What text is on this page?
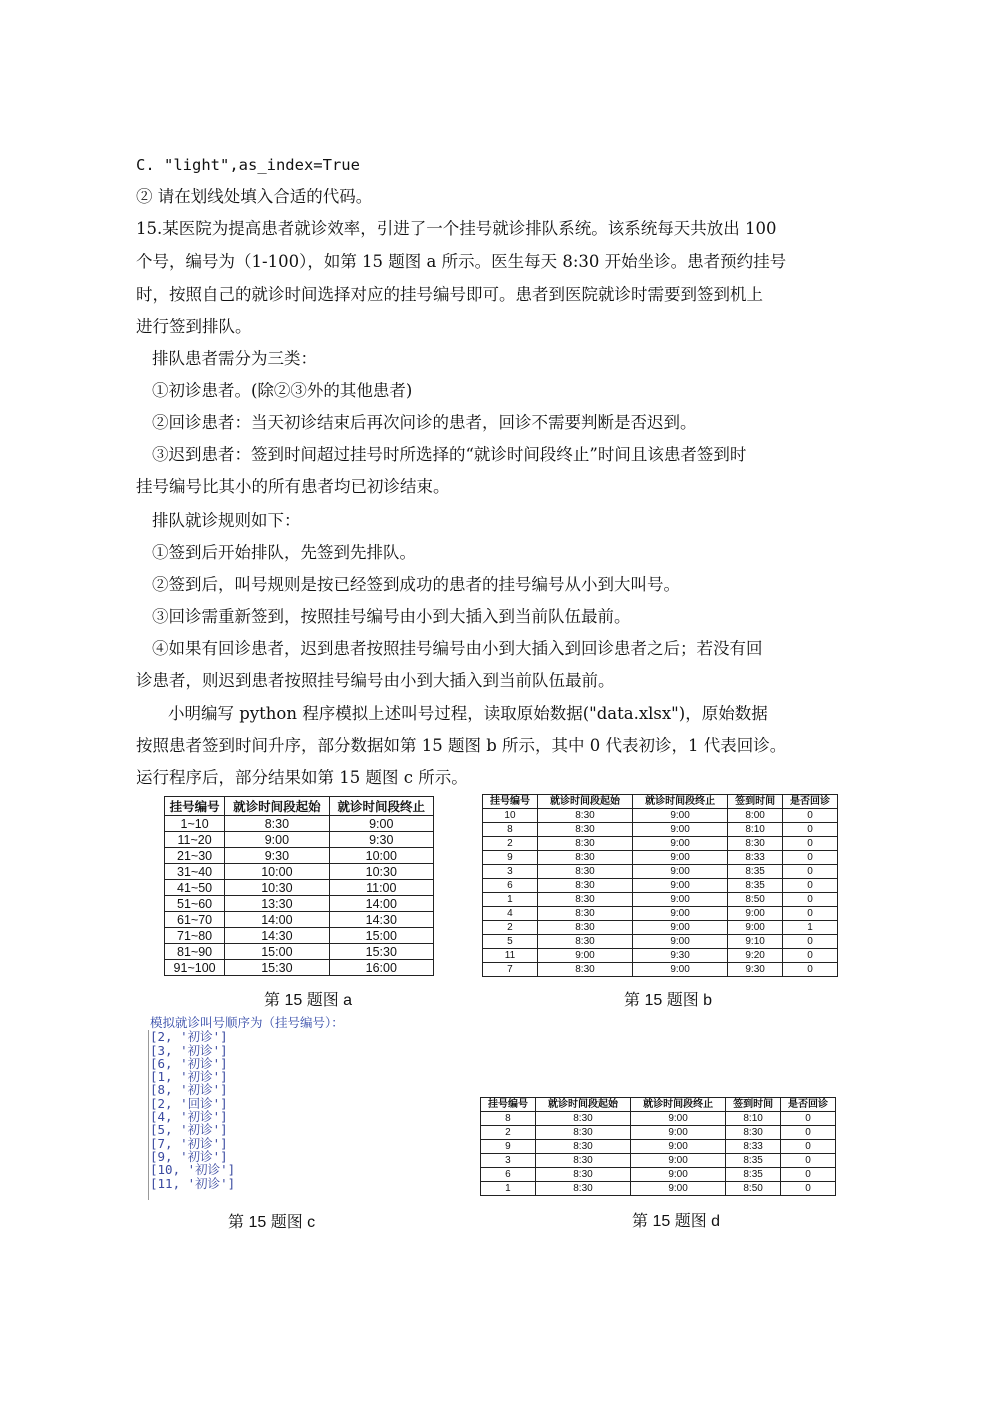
C. "light",as_index=True
② 请在划线处填入合适的代码。
15.某医院为提高患者就诊效率，引进了一个挂号就诊排队系统。该系统每天共放出 100
个号，编号为（1-100），如第 15 题图 a 所示。医生每天 8:30 开始坐诊。患者预约挂号
时，按照自己的就诊时间选择对应的挂号编号即可。患者到医院就诊时需要到签到机上
进行签到排队。
排队患者需分为三类：
①初诊患者。(除②③外的其他患者)
②回诊患者：当天初诊结束后再次问诊的患者，回诊不需要判断是否迟到。
③迟到患者：签到时间超过挂号时所选择的“就诊时间段终止”时间且该患者签到时
挂号编号比其小的所有患者均已初诊结束。
排队就诊规则如下：
①签到后开始排队，先签到先排队。
②签到后，叫号规则是按已经签到成功的患者的挂号编号从小到大叫号。
③回诊需重新签到，按照挂号编号由小到大插入到当前队伍最前。
④如果有回诊患者，迟到患者按照挂号编号由小到大插入到回诊患者之后；若没有回
诊患者，则迟到患者按照挂号编号由小到大插入到当前队伍最前。
小明编写 python 程序模拟上述叫号过程，读取原始数据("data.xlsx")，原始数据
按照患者签到时间升序，部分数据如第 15 题图 b 所示，其中 0 代表初诊，1 代表回诊。
运行程序后，部分结果如第 15 题图 c 所示。
挂号编号	就诊时间段起始	就诊时间段终止
1~10	8:30	9:00
11~20	9:00	9:30
21~30	9:30	10:00
31~40	10:00	10:30
41~50	10:30	11:00
51~60	13:30	14:00
61~70	14:00	14:30
71~80	14:30	15:00
81~90	15:00	15:30
91~100	15:30	16:00
第 15 题图 a
挂号编号	就诊时间段起始	就诊时间段终止	签到时间	是否回诊
10	8:30	9:00	8:00	0
8	8:30	9:00	8:10	0
2	8:30	9:00	8:30	0
9	8:30	9:00	8:33	0
3	8:30	9:00	8:35	0
6	8:30	9:00	8:35	0
1	8:30	9:00	8:50	0
4	8:30	9:00	9:00	0
2	8:30	9:00	9:00	1
5	8:30	9:00	9:10	0
11	9:00	9:30	9:20	0
7	8:30	9:00	9:30	0
第 15 题图 b
模拟就诊叫号顺序为（挂号编号）：
[2, '初诊']
[3, '初诊']
[6, '初诊']
[1, '初诊']
[8, '初诊']
[2, '回诊']
[4, '初诊']
[5, '初诊']
[7, '初诊']
[9, '初诊']
[10, '初诊']
[11, '初诊']
第 15 题图 c
挂号编号	就诊时间段起始	就诊时间段终止	签到时间	是否回诊
8	8:30	9:00	8:10	0
2	8:30	9:00	8:30	0
9	8:30	9:00	8:33	0
3	8:30	9:00	8:35	0
6	8:30	9:00	8:35	0
1	8:30	9:00	8:50	0
第 15 题图 d
